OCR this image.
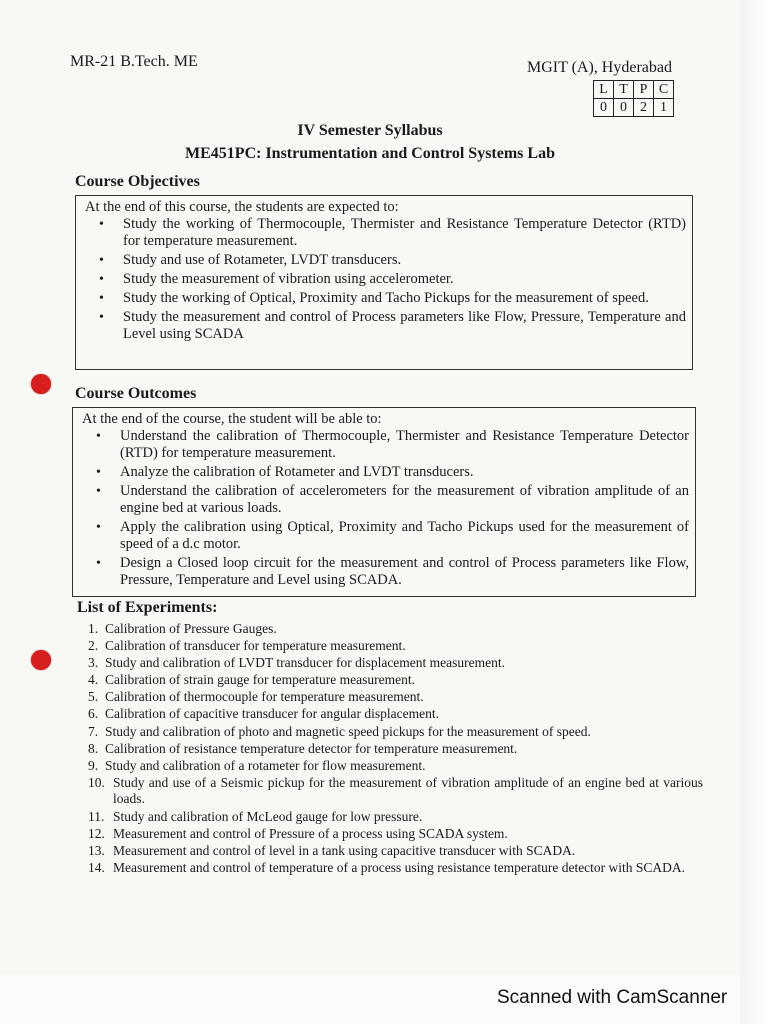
MR-21 B.Tech. ME	MGIT (A), Hyderabad
L	T	P	C
0	0	2	1
IV Semester Syllabus
ME451PC: Instrumentation and Control Systems Lab
Course Objectives
At the end of this course, the students are expected to:
• Study the working of Thermocouple, Thermister and Resistance Temperature Detector (RTD) for temperature measurement.
• Study and use of Rotameter, LVDT transducers.
• Study the measurement of vibration using accelerometer.
• Study the working of Optical, Proximity and Tacho Pickups for the measurement of speed.
• Study the measurement and control of Process parameters like Flow, Pressure, Temperature and Level using SCADA
Course Outcomes
At the end of the course, the student will be able to:
• Understand the calibration of Thermocouple, Thermister and Resistance Temperature Detector (RTD) for temperature measurement.
• Analyze the calibration of Rotameter and LVDT transducers.
• Understand the calibration of accelerometers for the measurement of vibration amplitude of an engine bed at various loads.
• Apply the calibration using Optical, Proximity and Tacho Pickups used for the measurement of speed of a d.c motor.
• Design a Closed loop circuit for the measurement and control of Process parameters like Flow, Pressure, Temperature and Level using SCADA.
List of Experiments:
1. Calibration of Pressure Gauges.
2. Calibration of transducer for temperature measurement.
3. Study and calibration of LVDT transducer for displacement measurement.
4. Calibration of strain gauge for temperature measurement.
5. Calibration of thermocouple for temperature measurement.
6. Calibration of capacitive transducer for angular displacement.
7. Study and calibration of photo and magnetic speed pickups for the measurement of speed.
8. Calibration of resistance temperature detector for temperature measurement.
9. Study and calibration of a rotameter for flow measurement.
10. Study and use of a Seismic pickup for the measurement of vibration amplitude of an engine bed at various loads.
11. Study and calibration of McLeod gauge for low pressure.
12. Measurement and control of Pressure of a process using SCADA system.
13. Measurement and control of level in a tank using capacitive transducer with SCADA.
14. Measurement and control of temperature of a process using resistance temperature detector with SCADA.
Scanned with CamScanner
